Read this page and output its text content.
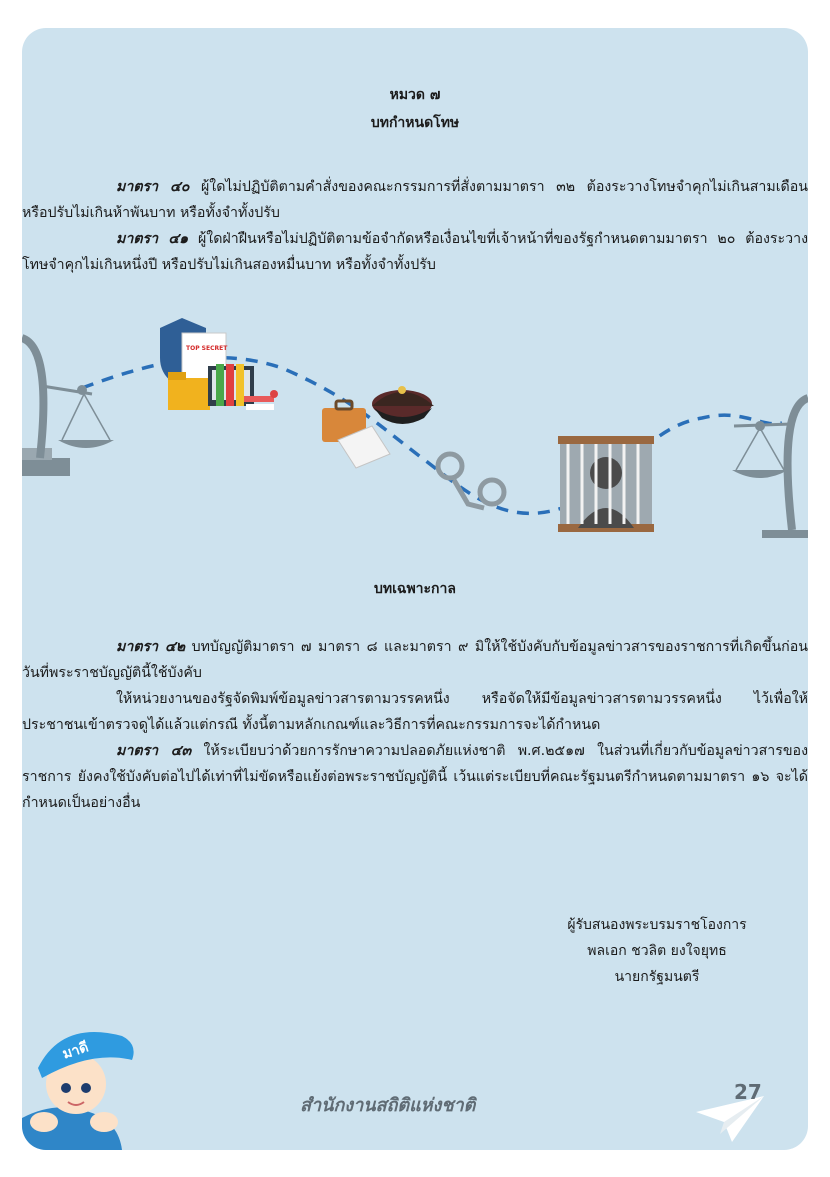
หมวด ๗
บทกำหนดโทษ

มาตรา ๔๐ ผู้ใดไม่ปฏิบัติตามคำสั่งของคณะกรรมการที่สั่งตามมาตรา ๓๒ ต้องระวางโทษจำคุกไม่เกินสามเดือน หรือปรับไม่เกินห้าพันบาท หรือทั้งจำทั้งปรับ

มาตรา ๔๑ ผู้ใดฝ่าฝืนหรือไม่ปฏิบัติตามข้อจำกัดหรือเงื่อนไขที่เจ้าหน้าที่ของรัฐกำหนดตามมาตรา ๒๐ ต้องระวางโทษจำคุกไม่เกินหนึ่งปี หรือปรับไม่เกินสองหมื่นบาท หรือทั้งจำทั้งปรับ

TOP SECRET
บทเฉพาะกาล

มาตรา ๔๒ บทบัญญัติมาตรา ๗ มาตรา ๘ และมาตรา ๙ มิให้ใช้บังคับกับข้อมูลข่าวสารของราชการที่เกิดขึ้นก่อนวันที่พระราชบัญญัตินี้ใช้บังคับ

ให้หน่วยงานของรัฐจัดพิมพ์ข้อมูลข่าวสารตามวรรคหนึ่ง หรือจัดให้มีข้อมูลข่าวสารตามวรรคหนึ่ง ไว้เพื่อให้ประชาชนเข้าตรวจดูได้แล้วแต่กรณี ทั้งนี้ตามหลักเกณฑ์และวิธีการที่คณะกรรมการจะได้กำหนด

มาตรา ๔๓ ให้ระเบียบว่าด้วยการรักษาความปลอดภัยแห่งชาติ พ.ศ.๒๕๑๗ ในส่วนที่เกี่ยวกับข้อมูลข่าวสารของราชการ ยังคงใช้บังคับต่อไปได้เท่าที่ไม่ขัดหรือแย้งต่อพระราชบัญญัตินี้ เว้นแต่ระเบียบที่คณะรัฐมนตรีกำหนดตามมาตรา ๑๖ จะได้กำหนดเป็นอย่างอื่น

ผู้รับสนองพระบรมราชโองการ
พลเอก ชวลิต ยงใจยุทธ
นายกรัฐมนตรี
มาดี
สำนักงานสถิติแห่งชาติ
27
